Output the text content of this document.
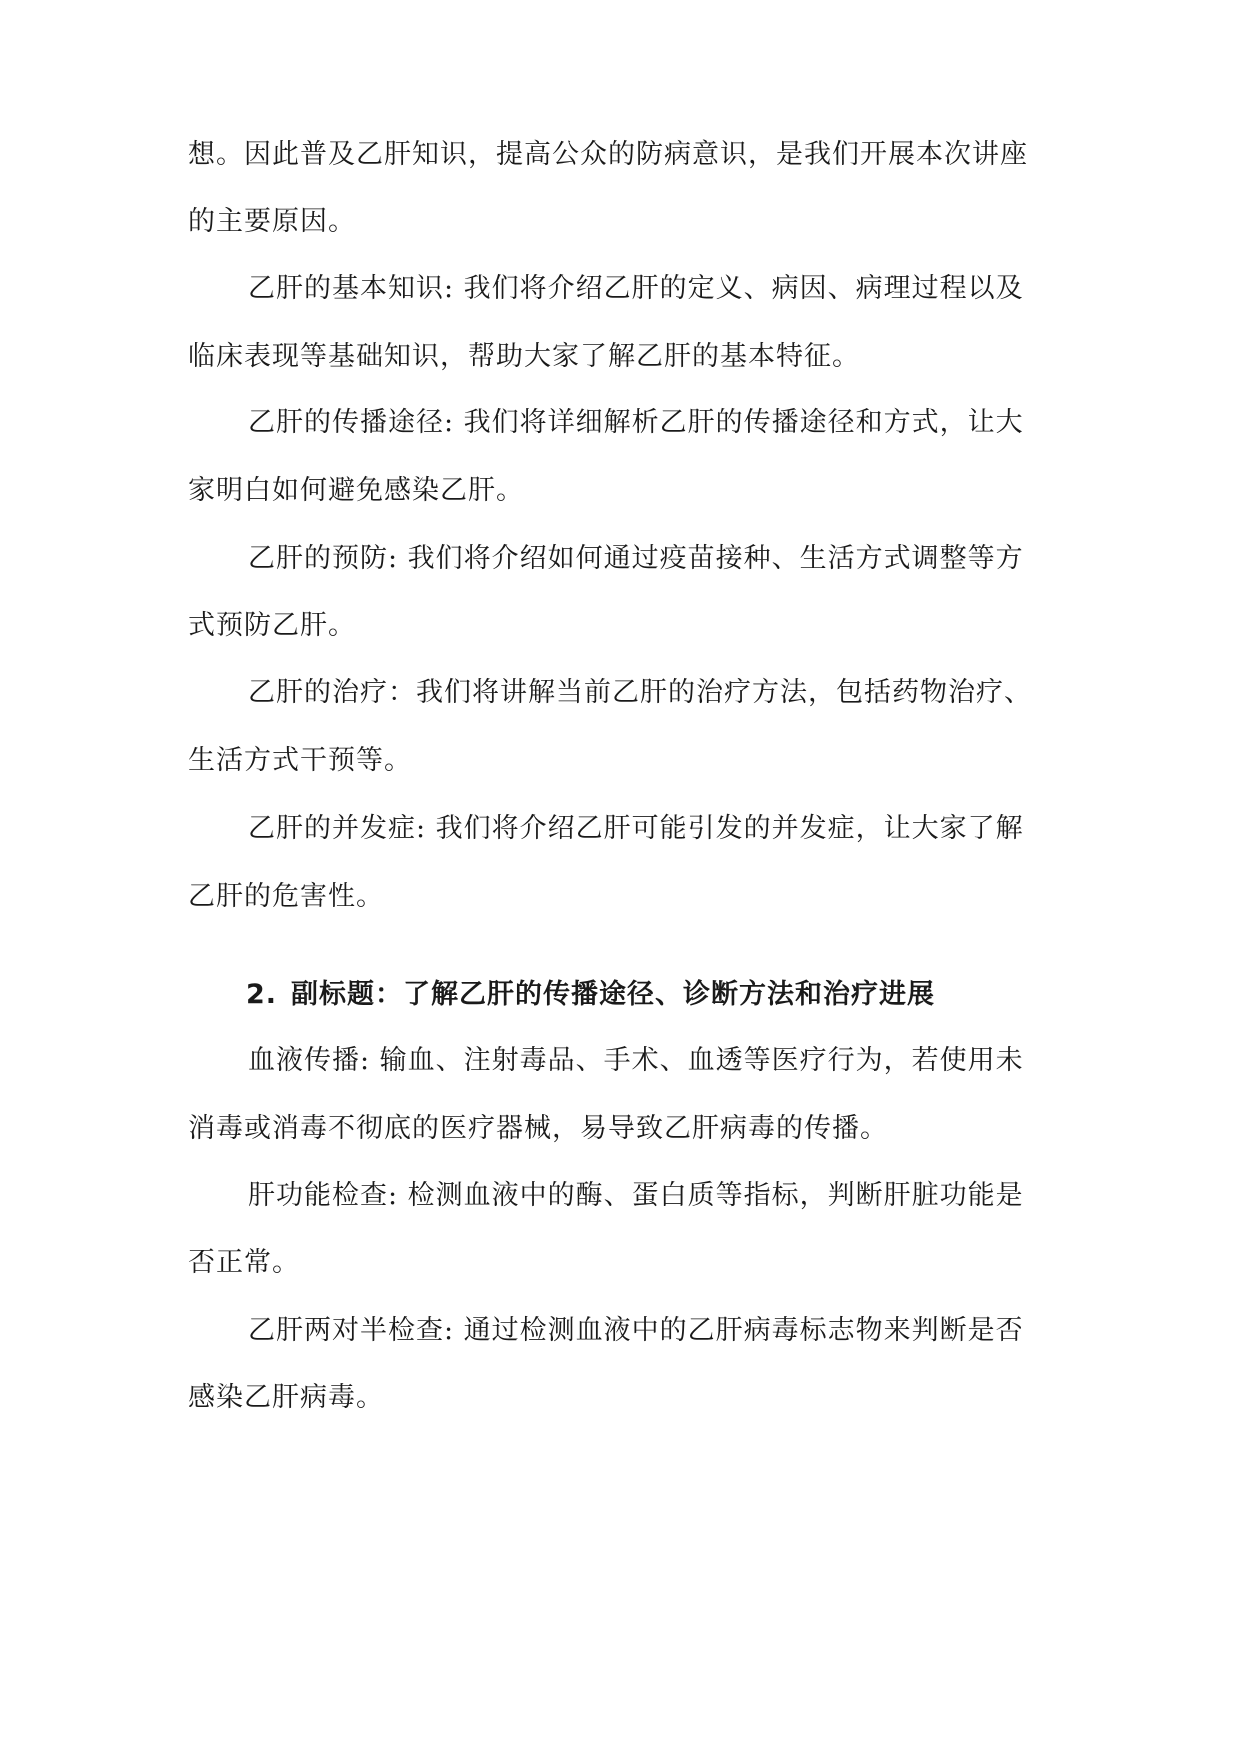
想。因此普及乙肝知识，提高公众的防病意识，是我们开展本次讲座
的主要原因。
乙肝的基本知识: 我们将介绍乙肝的定义、病因、病理过程以及
临床表现等基础知识，帮助大家了解乙肝的基本特征。
乙肝的传播途径: 我们将详细解析乙肝的传播途径和方式，让大
家明白如何避免感染乙肝。
乙肝的预防: 我们将介绍如何通过疫苗接种、生活方式调整等方
式预防乙肝。
乙肝的治疗：我们将讲解当前乙肝的治疗方法，包括药物治疗、
生活方式干预等。
乙肝的并发症: 我们将介绍乙肝可能引发的并发症，让大家了解
乙肝的危害性。
2. 副标题：了解乙肝的传播途径、诊断方法和治疗进展
血液传播: 输血、注射毒品、手术、血透等医疗行为，若使用未
消毒或消毒不彻底的医疗器械，易导致乙肝病毒的传播。
肝功能检查: 检测血液中的酶、蛋白质等指标，判断肝脏功能是
否正常。
乙肝两对半检查: 通过检测血液中的乙肝病毒标志物来判断是否
感染乙肝病毒。
